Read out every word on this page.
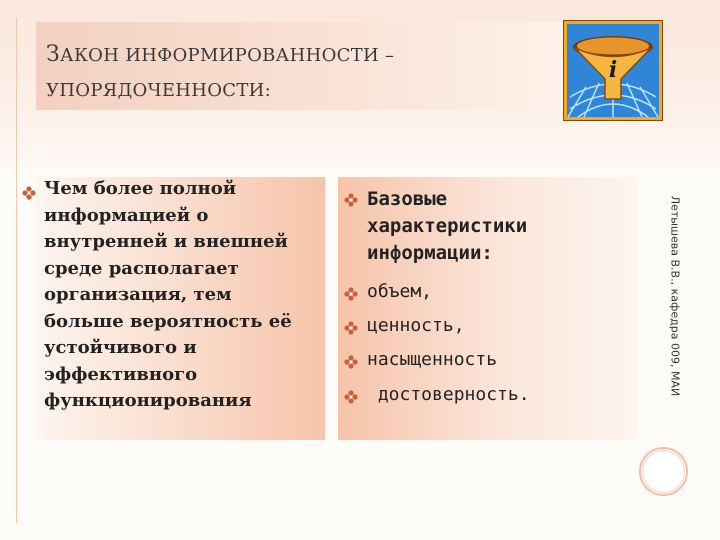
ЗАКОН ИНФОРМИРОВАННОСТИ –
УПОРЯДОЧЕННОСТИ:
i
Чем более полной
информацией о
внутренней и внешней
среде располагает
организация, тем
больше вероятность её
устойчивого и
эффективного
функционирования
Базовые
характеристики
информации:
объем,
ценность,
насыщенность
достоверность.	Летышева В.В., кафедра 009, МАИ
